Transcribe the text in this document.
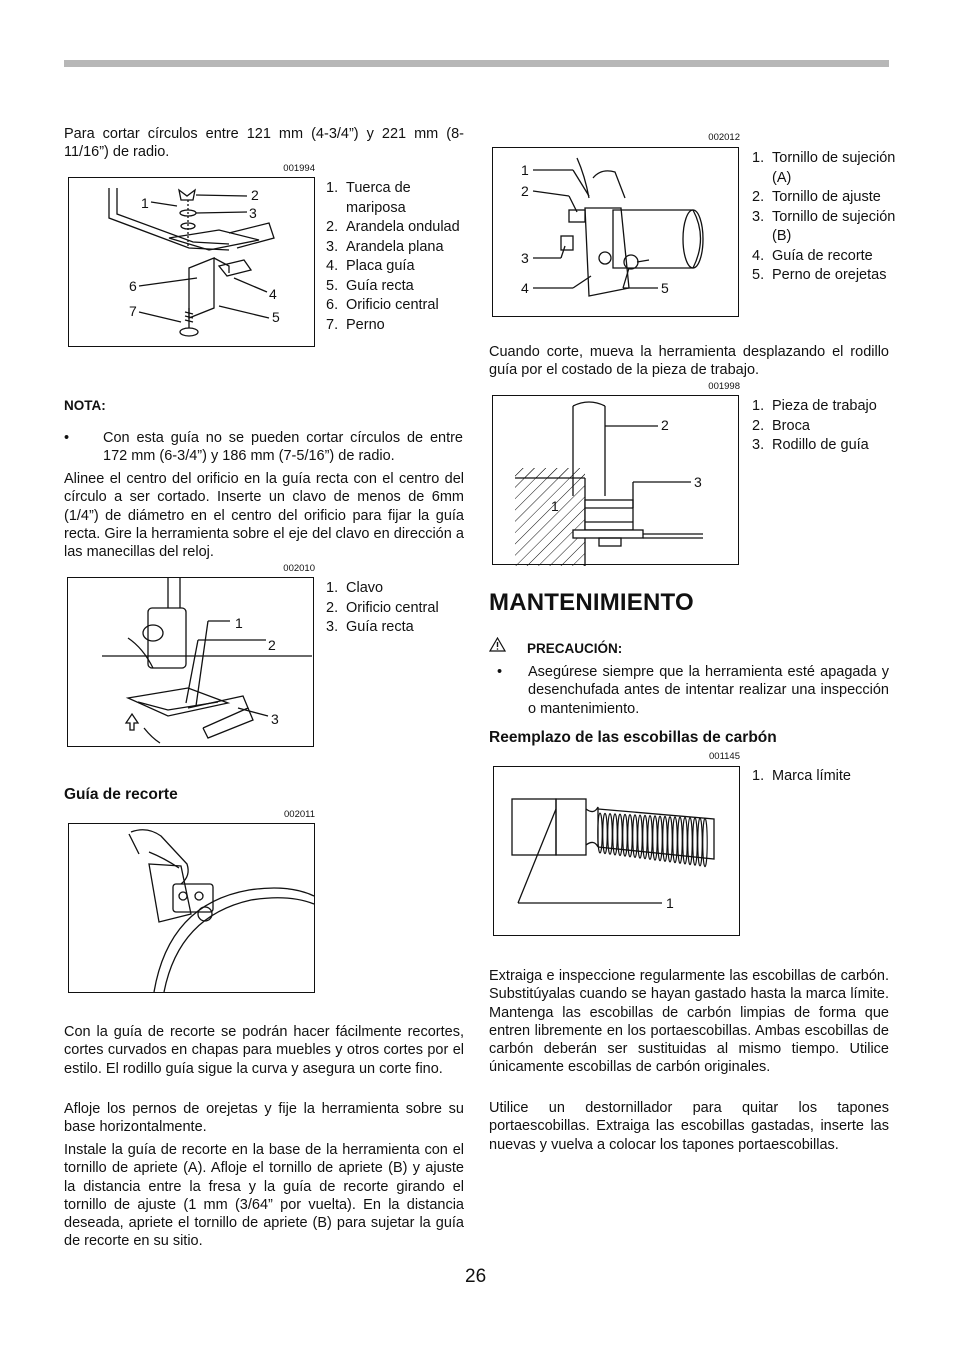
Para cortar círculos entre 121 mm (4-3/4”) y 221 mm (8-11/16”) de radio.
001994
1	2
3
4
5
6
7
1. Tuerca de mariposa
2. Arandela ondulad
3. Arandela plana
4. Placa guía
5. Guía recta
6. Orificio central
7. Perno
NOTA:
• Con esta guía no se pueden cortar círculos de entre 172 mm (6-3/4”) y 186 mm (7-5/16”) de radio.
Alinee el centro del orificio en la guía recta con el centro del círculo a ser cortado. Inserte un clavo de menos de 6mm (1/4”) de diámetro en el centro del orificio para fijar la guía recta. Gire la herramienta sobre el eje del clavo en dirección a las manecillas del reloj.
002010
1
2
3
1. Clavo
2. Orificio central
3. Guía recta
Guía de recorte
002011
Con la guía de recorte se podrán hacer fácilmente recortes, cortes curvados en chapas para muebles y otros cortes por el estilo. El rodillo guía sigue la curva y asegura un corte fino.
Afloje los pernos de orejetas y fije la herramienta sobre su base horizontalmente.
Instale la guía de recorte en la base de la herramienta con el tornillo de apriete (A). Afloje el tornillo de apriete (B) y ajuste la distancia entre la fresa y la guía de recorte girando el tornillo de ajuste (1 mm (3/64” por vuelta). En la distancia deseada, apriete el tornillo de apriete (B) para sujetar la guía de recorte en su sitio.
002012
1
2
3
4	5
1. Tornillo de sujeción (A)
2. Tornillo de ajuste
3. Tornillo de sujeción (B)
4. Guía de recorte
5. Perno de orejetas
Cuando corte, mueva la herramienta desplazando el rodillo guía por el costado de la pieza de trabajo.
001998
2
3
1
1. Pieza de trabajo
2. Broca
3. Rodillo de guía
MANTENIMIENTO
PRECAUCIÓN:
• Asegúrese siempre que la herramienta esté apagada y desenchufada antes de intentar realizar una inspección o mantenimiento.
Reemplazo de las escobillas de carbón
001145
1
1. Marca límite
Extraiga e inspeccione regularmente las escobillas de carbón. Substitúyalas cuando se hayan gastado hasta la marca límite. Mantenga las escobillas de carbón limpias de forma que entren libremente en los portaescobillas. Ambas escobillas de carbón deberán ser sustituidas al mismo tiempo. Utilice únicamente escobillas de carbón originales.
Utilice un destornillador para quitar los tapones portaescobillas. Extraiga las escobillas gastadas, inserte las nuevas y vuelva a colocar los tapones portaescobillas.
26
